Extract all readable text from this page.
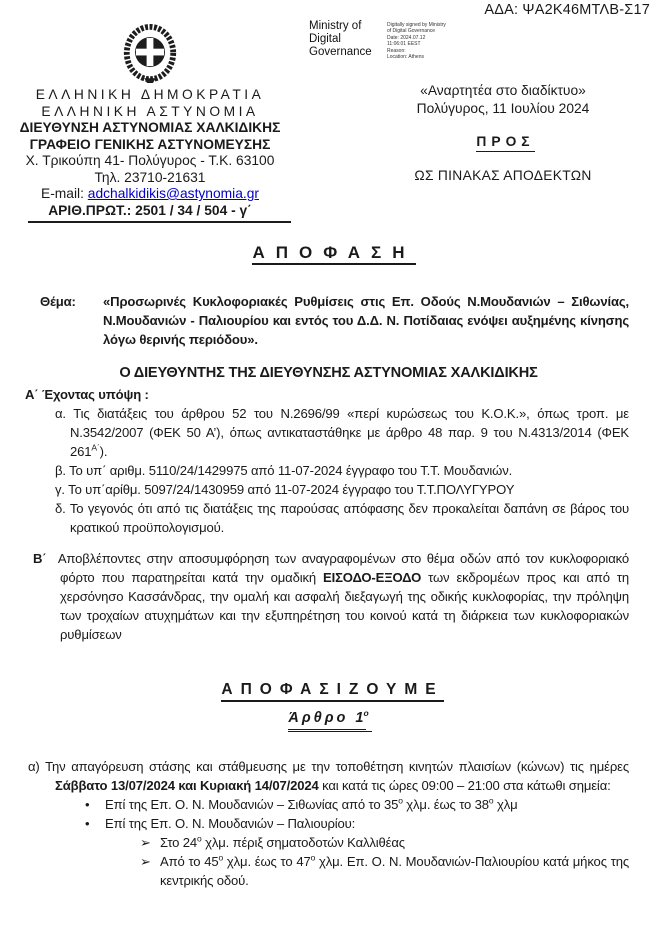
ΑΔΑ: ΨΑ2Κ46ΜΤΛΒ-Σ17
Ministry of Digital Governance
Digitally signed by Ministry
of Digital Governance
Date: 2024.07.12
11:06:01 EEST
Reason:
Location: Athens
ΕΛΛΗΝΙΚΗ ΔΗΜΟΚΡΑΤΙΑ
ΕΛΛΗΝΙΚΗ ΑΣΤΥΝΟΜΙΑ
ΔΙΕΥΘΥΝΣΗ ΑΣΤΥΝΟΜΙΑΣ ΧΑΛΚΙΔΙΚΗΣ
ΓΡΑΦΕΙΟ ΓΕΝΙΚΗΣ ΑΣΤΥΝΟΜΕΥΣΗΣ
Χ. Τρικούπη 41- Πολύγυρος - Τ.Κ. 63100
Τηλ. 23710-21631
E-mail: adchalkidikis@astynomia.gr
ΑΡΙΘ.ΠΡΩΤ.: 2501 / 34 / 504 - γ΄
«Αναρτητέα στο διαδίκτυο»
Πολύγυρος, 11 Ιουλίου 2024
ΠΡΟΣ
ΩΣ ΠΙΝΑΚΑΣ ΑΠΟΔΕΚΤΩΝ
ΑΠΟΦΑΣΗ
Θέμα:	«Προσωρινές Κυκλοφοριακές Ρυθμίσεις στις Επ. Οδούς Ν.Μουδανιών – Σιθωνίας, Ν.Μουδανιών - Παλιουρίου και εντός του Δ.Δ. Ν. Ποτίδαιας ενόψει αυξημένης κίνησης λόγω θερινής περιόδου».
Ο ΔΙΕΥΘΥΝΤΗΣ ΤΗΣ ΔΙΕΥΘΥΝΣΗΣ ΑΣΤΥΝΟΜΙΑΣ ΧΑΛΚΙΔΙΚΗΣ
Α΄ Έχοντας υπόψη :

α. Τις διατάξεις του άρθρου 52 του Ν.2696/99 «περί κυρώσεως του Κ.Ο.Κ.», όπως τροπ. με Ν.3542/2007 (ΦΕΚ 50 Α’), όπως αντικαταστάθηκε με άρθρο 48 παρ. 9 του Ν.4313/2014 (ΦΕΚ $261^{A΄}$).

β. Το υπ΄ αριθμ. 5110/24/1429975 από 11-07-2024 έγγραφο του Τ.Τ. Μουδανιών.

γ. Το υπ΄αρίθμ. 5097/24/1430959 από 11-07-2024 έγγραφο του Τ.Τ.ΠΟΛΥΓΥΡΟΥ

δ. Το γεγονός ότι από τις διατάξεις της παρούσας απόφασης δεν προκαλείται δαπάνη σε βάρος του κρατικού προϋπολογισμού.

Β΄ Αποβλέποντες στην αποσυμφόρηση των αναγραφομένων στο θέμα οδών από τον κυκλοφοριακό φόρτο που παρατηρείται κατά την ομαδική ΕΙΣΟΔΟ-ΕΞΟΔΟ των εκδρομέων προς και από τη χερσόνησο Κασσάνδρας, την ομαλή και ασφαλή διεξαγωγή της οδικής κυκλοφορίας, την πρόληψη των τροχαίων ατυχημάτων και την εξυπηρέτηση του κοινού κατά τη διάρκεια των κυκλοφοριακών ρυθμίσεων

ΑΠΟΦΑΣΙΖΟΥΜΕ
Άρθρο $1^o$

α) Την απαγόρευση στάσης και στάθμευσης με την τοποθέτηση κινητών πλαισίων (κώνων) τις ημέρες Σάββατο 13/07/2024 και Κυριακή 14/07/2024 και κατά τις ώρες 09:00 – 21:00 στα κάτωθι σημεία:

• Επί της Επ. Ο. Ν. Μουδανιών – Σιθωνίας από το $35^o$ χλμ. έως το $38^o$ χλμ

• Επί της Επ. Ο. Ν. Μουδανιών – Παλιουρίου:

➢ Στο $24^o$ χλμ. πέριξ σηματοδοτών Καλλιθέας

➢ Από το $45^o$ χλμ. έως το $47^o$ χλμ. Επ. Ο. Ν. Μουδανιών-Παλιουρίου κατά μήκος της κεντρικής οδού.
